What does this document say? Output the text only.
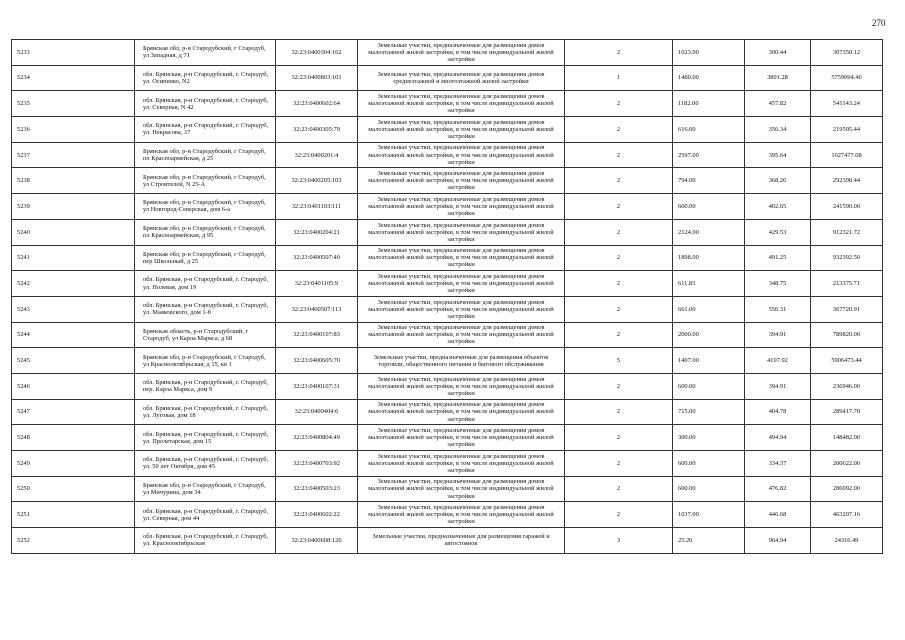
270
5233	Брянская обл, р-н Стародубский, г Стародуб, ул Западная, д 71	32:23:0400304:162	Земельные участки, предназначенные для размещения домов малоэтажной жилой застройки, в том числе индивидуальной жилой застройки	2	1023.00	300.44	307350.12
5234	обл. Брянская, р-н Стародубский, г. Стародуб, ул. Осипенко, N2	32:23:0400803:101	Земельные участки, предназначенные для размещения домов среднеэтажной и многоэтажной жилой застройки	1	1480.00	3891.28	5759094.40
5235	обл. Брянская, р-н Стародубский, г. Стародуб, ул. Северная, N 42	32:23:0400602:64	Земельные участки, предназначенные для размещения домов малоэтажной жилой застройки, в том числе индивидуальной жилой застройки	2	1182.00	457.82	541143.24
5236	обл. Брянская, р-н Стародубский, г. Стародуб, ул. Некрасова, 37	32:23:0400305:79	Земельные участки, предназначенные для размещения домов малоэтажной жилой застройки, в том числе индивидуальной жилой застройки	2	616.00	356.34	219505.44
5237	Брянская обл, р-н Стародубский, г Стародуб, пл Красноармейская, д 25	32:23:0400201:4	Земельные участки, предназначенные для размещения домов малоэтажной жилой застройки, в том числе индивидуальной жилой застройки	2	2597.00	395.64	1027477.08
5238	Брянская обл, р-н Стародубский, г Стародуб, ул Строителей, N 25-А	32:23:0400205:103	Земельные участки, предназначенные для размещения домов малоэтажной жилой застройки, в том числе индивидуальной жилой застройки	2	794.00	368.26	292398.44
5239	Брянская обл, р-н Стародубский, г Стародуб, ул Новгород-Северская, дом 6-а	32:23:0401103:111	Земельные участки, предназначенные для размещения домов малоэтажной жилой застройки, в том числе индивидуальной жилой застройки	2	600.00	402.65	241590.00
5240	Брянская обл, р-н Стародубский, г Стародуб, пл Красноармейская, д 95	32:23:0400204:21	Земельные участки, предназначенные для размещения домов малоэтажной жилой застройки, в том числе индивидуальной жилой застройки	2	2124.00	429.53	912321.72
5241	Брянская обл, р-н Стародубский, г Стародуб, пер Школьный, д 25	32:23:0400507:40	Земельные участки, предназначенные для размещения домов малоэтажной жилой застройки, в том числе индивидуальной жилой застройки	2	1898.00	491.25	932392.50
5242	обл. Брянская, р-н Стародубский, г. Стародуб, ул. Полевая, дом 19	32:23:0401105:9	Земельные участки, предназначенные для размещения домов малоэтажной жилой застройки, в том числе индивидуальной жилой застройки	2	611.83	348.75	213375.71
5243	обл. Брянская, р-н Стародубский, г. Стародуб, ул. Маяковского, дом 1-б	32:23:0400507:113	Земельные участки, предназначенные для размещения домов малоэтажной жилой застройки, в том числе индивидуальной жилой застройки	2	661.00	556.31	367720.91
5244	Брянская область, р-н Стародубский, г Стародуб, ул Карла Маркса, д 68	32:23:0400107:83	Земельные участки, предназначенные для размещения домов малоэтажной жилой застройки, в том числе индивидуальной жилой застройки	2	2000.00	394.91	789820.00
5245	Брянская обл, р-н Стародубский, г Стародуб, ул Краснооктябрьская, д 15, кв 1	32:23:0400605:70	Земельные участки, предназначенные для размещения объектов торговли, общественного питания и бытового обслуживания	5	1407.00	4197.92	5906473.44
5246	обл. Брянская, р-н Стародубский, г. Стародуб, пер. Карла Маркса, дом 9	32:23:0400107:31	Земельные участки, предназначенные для размещения домов малоэтажной жилой застройки, в том числе индивидуальной жилой застройки	2	600.00	394.91	236946.00
5247	обл. Брянская, р-н Стародубский, г. Стародуб, ул. Луговая, дом 18	32:23:0400404:6	Земельные участки, предназначенные для размещения домов малоэтажной жилой застройки, в том числе индивидуальной жилой застройки	2	715.00	404.78	289417.70
5248	обл. Брянская, р-н Стародубский, г. Стародуб, ул. Пролетарская, дом 15	32:23:0400804:49	Земельные участки, предназначенные для размещения домов малоэтажной жилой застройки, в том числе индивидуальной жилой застройки	2	300.00	494.94	148482.00
5249	обл. Брянская, р-н Стародубский, г. Стародуб, ул. 50 лет Октября, дом 45	32:23:0400703:92	Земельные участки, предназначенные для размещения домов малоэтажной жилой застройки, в том числе индивидуальной жилой застройки	2	600.00	334.37	200622.00
5250	Брянская обл, р-н Стародубский, г Стародуб, ул Мичурина, дом 34	32:23:0400503:23	Земельные участки, предназначенные для размещения домов малоэтажной жилой застройки, в том числе индивидуальной жилой застройки	2	600.00	476.82	286092.00
5251	обл. Брянская, р-н Стародубский, г. Стародуб, ул. Северная, дом 44	32:23:0400602:22	Земельные участки, предназначенные для размещения домов малоэтажной жилой застройки, в том числе индивидуальной жилой застройки	2	1037.00	446.68	463207.16
5252	обл. Брянская, р-н Стародубский, г. Стародуб, ул. Краснооктябрьская	32:23:0400608:126	Земельные участки, предназначенные для размещения гаражей и автостоянок	3	25.20	964.94	24316.49
